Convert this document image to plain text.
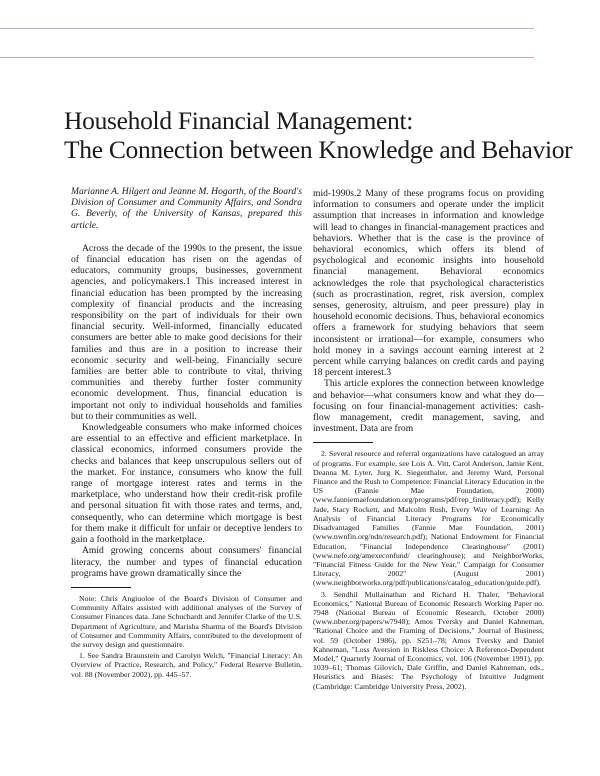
Household Financial Management:
The Connection between Knowledge and Behavior

Marianne A. Hilgert and Jeanne M. Hogarth, of the Board's Division of Consumer and Community Affairs, and Sondra G. Beverly, of the University of Kansas, prepared this article.

Across the decade of the 1990s to the present, the issue of financial education has risen on the agendas of educators, community groups, businesses, government agencies, and policymakers.1 This increased interest in financial education has been prompted by the increasing complexity of financial products and the increasing responsibility on the part of individuals for their own financial security. Well-informed, financially educated consumers are better able to make good decisions for their families and thus are in a position to increase their economic security and well-being. Financially secure families are better able to contribute to vital, thriving communities and thereby further foster community economic development. Thus, financial education is important not only to individual households and families but to their communities as well.

Knowledgeable consumers who make informed choices are essential to an effective and efficient marketplace. In classical economics, informed consumers provide the checks and balances that keep unscrupulous sellers out of the market. For instance, consumers who know the full range of mortgage interest rates and terms in the marketplace, who understand how their credit-risk profile and personal situation fit with those rates and terms, and, consequently, who can determine which mortgage is best for them make it difficult for unfair or deceptive lenders to gain a foothold in the marketplace.

Amid growing concerns about consumers' financial literacy, the number and types of financial education programs have grown dramatically since the

Note: Chris Angiuoloe of the Board's Division of Consumer and Community Affairs assisted with additional analyses of the Survey of Consumer Finances data. Jane Schuchardt and Jennifer Clarke of the U.S. Department of Agriculture, and Marisha Sharma of the Board's Division of Consumer and Community Affairs, contributed to the development of the survey design and questionnaire.

1. See Sandra Braunstein and Carolyn Welch, "Financial Literacy: An Overview of Practice, Research, and Policy," Federal Reserve Bulletin, vol. 88 (November 2002), pp. 445–57.

mid-1990s.2 Many of these programs focus on providing information to consumers and operate under the implicit assumption that increases in information and knowledge will lead to changes in financial-management practices and behaviors. Whether that is the case is the province of behavioral economics, which offers its blend of psychological and economic insights into household financial management. Behavioral economics acknowledges the role that psychological characteristics (such as procrastination, regret, risk aversion, complex senses, generosity, altruism, and peer pressure) play in household economic decisions. Thus, behavioral economics offers a framework for studying behaviors that seem inconsistent or irrational—for example, consumers who hold money in a savings account earning interest at 2 percent while carrying balances on credit cards and paying 18 percent interest.3

This article explores the connection between knowledge and behavior—what consumers know and what they do—focusing on four financial-management activities: cash-flow management, credit management, saving, and investment. Data are from

2. Several resource and referral organizations have catalogued an array of programs. For example, see Lois A. Vitt, Carol Anderson, Jamie Kent, Deanna M. Lyter, Jurg K. Siegenthaler, and Jeremy Ward, Personal Finance and the Rush to Competence: Financial Literacy Education in the US (Fannie Mae Foundation, 2000) (www.fanniemaefoundation.org/programs/pdf/rep_finliteracy.pdf); Kelly Jade, Stacy Rockett, and Malcolm Rush, Every Way of Learning: An Analysis of Financial Literacy Programs for Economically Disadvantaged Families (Fannie Mae Foundation, 2001) (www.nwnfin.org/ndn/research.pdf); National Endowment for Financial Education, "Financial Independence Clearinghouse" (2001) (www.nefe.org/amexeconfund/ clearinghouse); and NeighborWorks, "Financial Fitness Guide for the New Year," Campaign for Consumer Literacy, 2002" (August 2001) (www.neighborworks.org/pdf/publications/catalog_education/guide.pdf).

3. Sendhil Mullainathan and Richard H. Thaler, "Behavioral Economics," National Bureau of Economic Research Working Paper no. 7948 (National Bureau of Economic Research, October 2000) (www.nber.org/papers/w7948); Amos Tversky and Daniel Kahneman, "Rational Choice and the Framing of Decisions," Journal of Business, vol. 59 (October 1986), pp. S251–78; Amos Tversky and Daniel Kahneman, "Loss Aversion in Riskless Choice: A Reference-Dependent Model," Quarterly Journal of Economics, vol. 106 (November 1991), pp. 1039–61; Thomas Gilovich, Dale Griffin, and Daniel Kahneman, eds., Heuristics and Biases: The Psychology of Intuitive Judgment (Cambridge: Cambridge University Press, 2002).
